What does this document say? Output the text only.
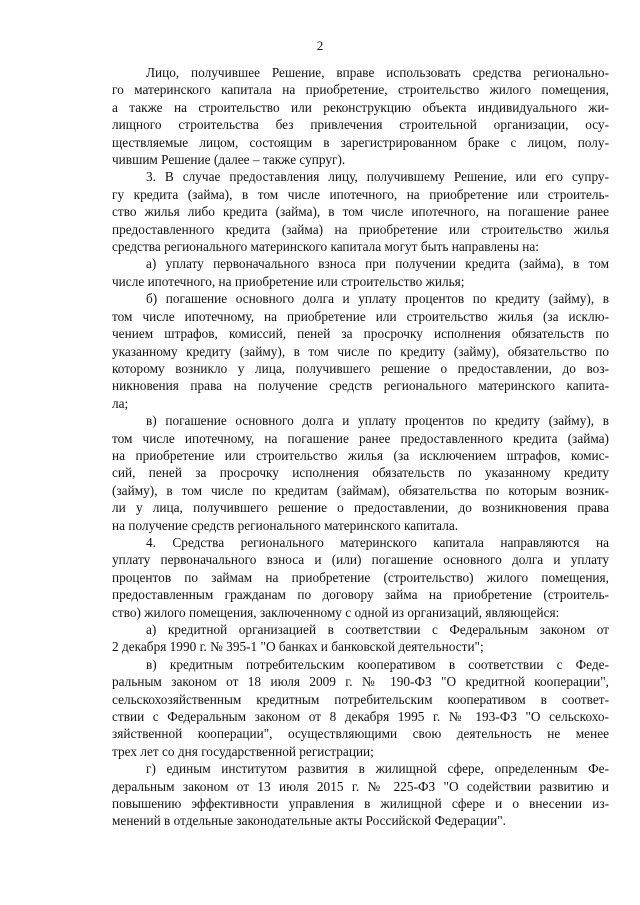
2

Лицо, получившее Решение, вправе использовать средства регионально-
го материнского капитала на приобретение, строительство жилого помещения,
а также на строительство или реконструкцию объекта индивидуального жи-
лищного строительства без привлечения строительной организации, осу-
ществляемые лицом, состоящим в зарегистрированном браке с лицом, полу-
чившим Решение (далее – также супруг).

3. В случае предоставления лицу, получившему Решение, или его супру-
гу кредита (займа), в том числе ипотечного, на приобретение или строитель-
ство жилья либо кредита (займа), в том числе ипотечного, на погашение ранее
предоставленного кредита (займа) на приобретение или строительство жилья
средства регионального материнского капитала могут быть направлены на:

а) уплату первоначального взноса при получении кредита (займа), в том
числе ипотечного, на приобретение или строительство жилья;

б) погашение основного долга и уплату процентов по кредиту (займу), в
том числе ипотечному, на приобретение или строительство жилья (за исклю-
чением штрафов, комиссий, пеней за просрочку исполнения обязательств по
указанному кредиту (займу), в том числе по кредиту (займу), обязательство по
которому возникло у лица, получившего решение о предоставлении, до воз-
никновения права на получение средств регионального материнского капита-
ла;

в) погашение основного долга и уплату процентов по кредиту (займу), в
том числе ипотечному, на погашение ранее предоставленного кредита (займа)
на приобретение или строительство жилья (за исключением штрафов, комис-
сий, пеней за просрочку исполнения обязательств по указанному кредиту
(займу), в том числе по кредитам (займам), обязательства по которым возник-
ли у лица, получившего решение о предоставлении, до возникновения права
на получение средств регионального материнского капитала.

4. Средства регионального материнского капитала направляются на
уплату первоначального взноса и (или) погашение основного долга и уплату
процентов по займам на приобретение (строительство) жилого помещения,
предоставленным гражданам по договору займа на приобретение (строитель-
ство) жилого помещения, заключенному с одной из организаций, являющейся:

а) кредитной организацией в соответствии с Федеральным законом от
2 декабря 1990 г. № 395-1 "О банках и банковской деятельности";

в) кредитным потребительским кооперативом в соответствии с Феде-
ральным законом от 18 июля 2009 г. № 190-ФЗ "О кредитной кооперации",
сельскохозяйственным кредитным потребительским кооперативом в соответ-
ствии с Федеральным законом от 8 декабря 1995 г. № 193-ФЗ "О сельскохо-
зяйственной кооперации", осуществляющими свою деятельность не менее
трех лет со дня государственной регистрации;

г) единым институтом развития в жилищной сфере, определенным Фе-
деральным законом от 13 июля 2015 г. № 225-ФЗ "О содействии развитию и
повышению эффективности управления в жилищной сфере и о внесении из-
менений в отдельные законодательные акты Российской Федерации".
